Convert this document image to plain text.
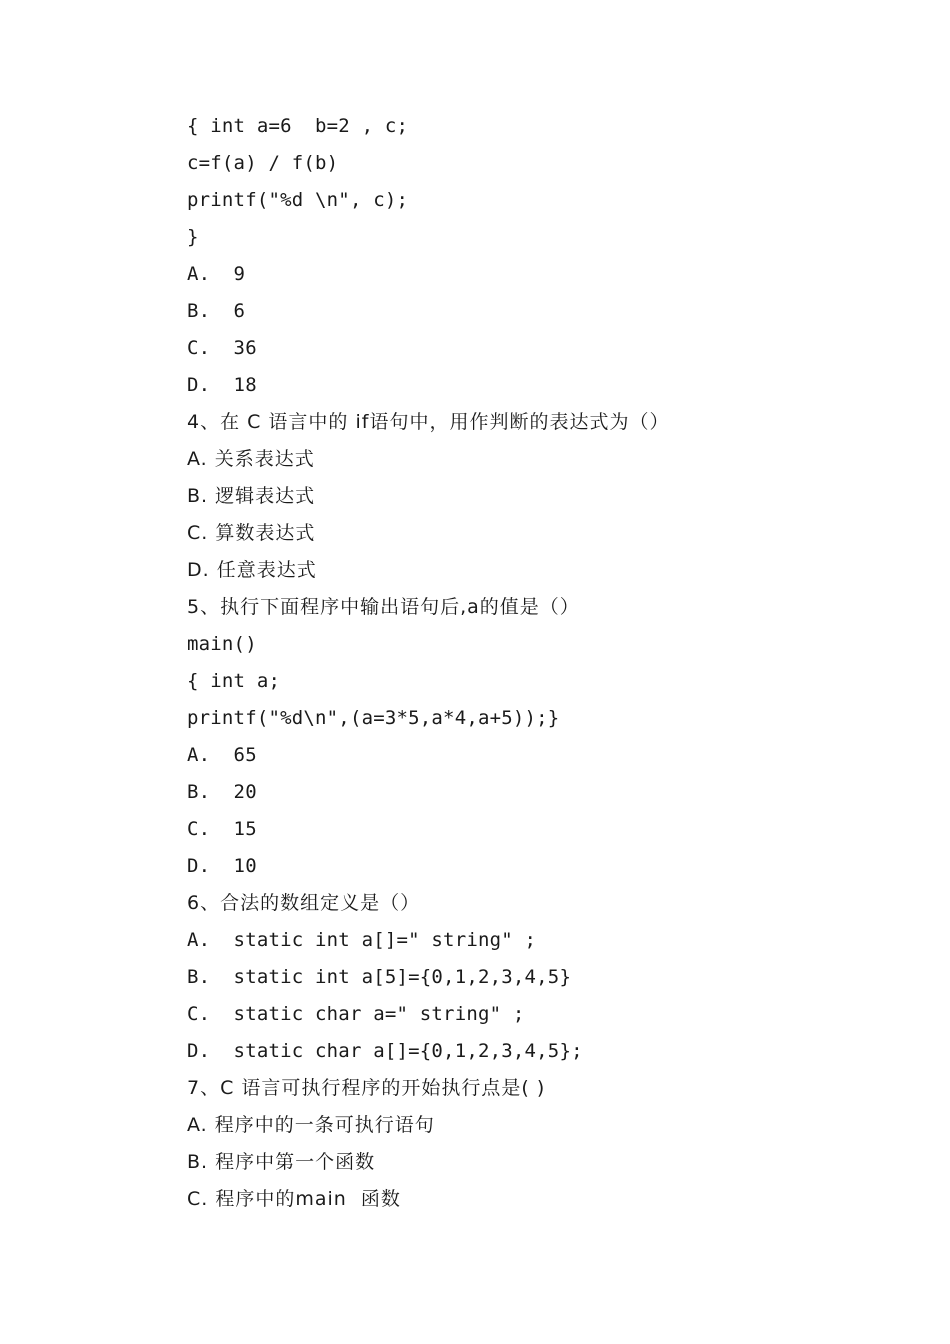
{ int a=6  b=2 , c;
c=f(a) / f(b)
printf("%d \n", c);
}
A.  9
B.  6
C.  36
D.  18
4、在 C 语言中的 if语句中，用作判断的表达式为（）
A. 关系表达式
B. 逻辑表达式
C. 算数表达式
D. 任意表达式
5、执行下面程序中输出语句后,a的值是（）
main()
{ int a;
printf("%d\n",(a=3*5,a*4,a+5));}
A.  65
B.  20
C.  15
D.  10
6、合法的数组定义是（）
A.  static int a[]=" string" ;
B.  static int a[5]={0,1,2,3,4,5}
C.  static char a=" string" ;
D.  static char a[]={0,1,2,3,4,5};
7、C 语言可执行程序的开始执行点是( )
A. 程序中的一条可执行语句
B. 程序中第一个函数
C. 程序中的main  函数
